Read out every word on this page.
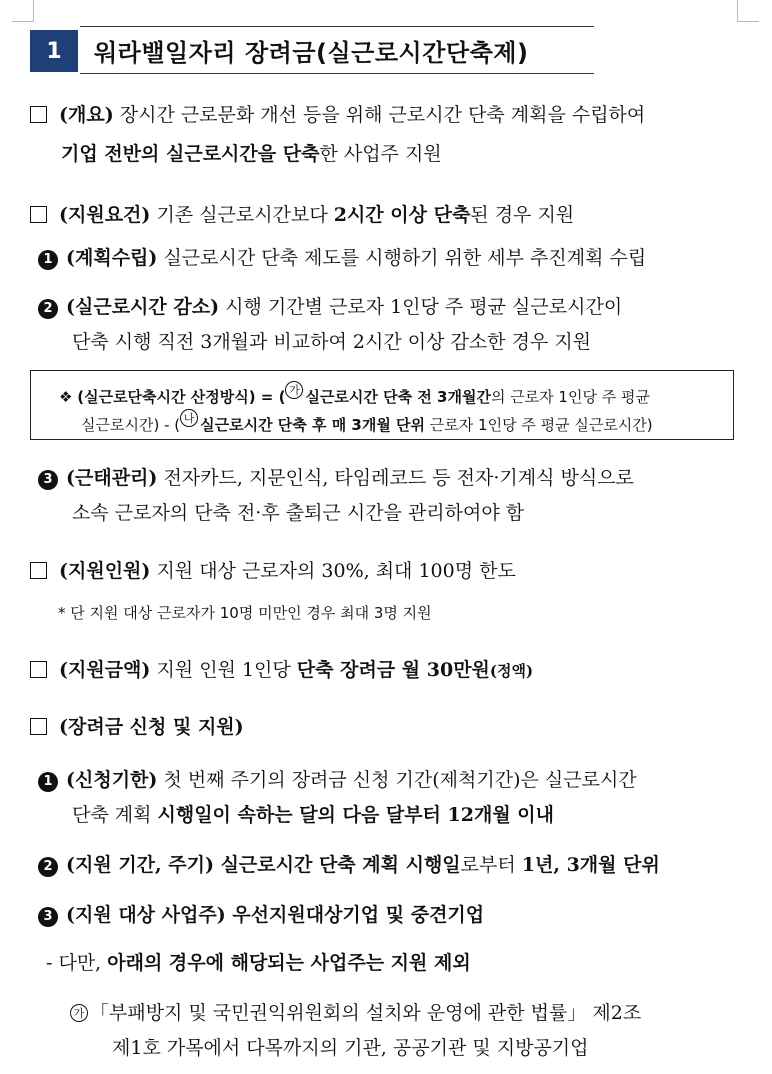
1	워라밸일자리 장려금(실근로시간단축제)
(개요) 장시간 근로문화 개선 등을 위해 근로시간 단축 계획을 수립하여
기업 전반의 실근로시간을 단축한 사업주 지원
(지원요건) 기존 실근로시간보다 2시간 이상 단축된 경우 지원
1 (계획수립) 실근로시간 단축 제도를 시행하기 위한 세부 추진계획 수립
2 (실근로시간 감소) 시행 기간별 근로자 1인당 주 평균 실근로시간이
단축 시행 직전 3개월과 비교하여 2시간 이상 감소한 경우 지원
❖ (실근로단축시간 산정방식) = ( $^가$ 실근로시간 단축 전 3개월간의 근로자 1인당 주 평균
실근로시간) - ( $^나$ 실근로시간 단축 후 매 3개월 단위 근로자 1인당 주 평균 실근로시간)
3 (근태관리) 전자카드, 지문인식, 타임레코드 등 전자·기계식 방식으로
소속 근로자의 단축 전·후 출퇴근 시간을 관리하여야 함
(지원인원) 지원 대상 근로자의 30%, 최대 100명 한도
* 단 지원 대상 근로자가 10명 미만인 경우 최대 3명 지원
(지원금액) 지원 인원 1인당 단축 장려금 월 30만원(정액)
(장려금 신청 및 지원)
1 (신청기한) 첫 번째 주기의 장려금 신청 기간(제척기간)은 실근로시간
단축 계획 시행일이 속하는 달의 다음 달부터 12개월 이내
2 (지원 기간, 주기) 실근로시간 단축 계획 시행일로부터 1년, 3개월 단위
3 (지원 대상 사업주) 우선지원대상기업 및 중견기업
- 다만, 아래의 경우에 해당되는 사업주는 지원 제외
가 「부패방지 및 국민권익위원회의 설치와 운영에 관한 법률」 제2조
제1호 가목에서 다목까지의 기관, 공공기관 및 지방공기업
